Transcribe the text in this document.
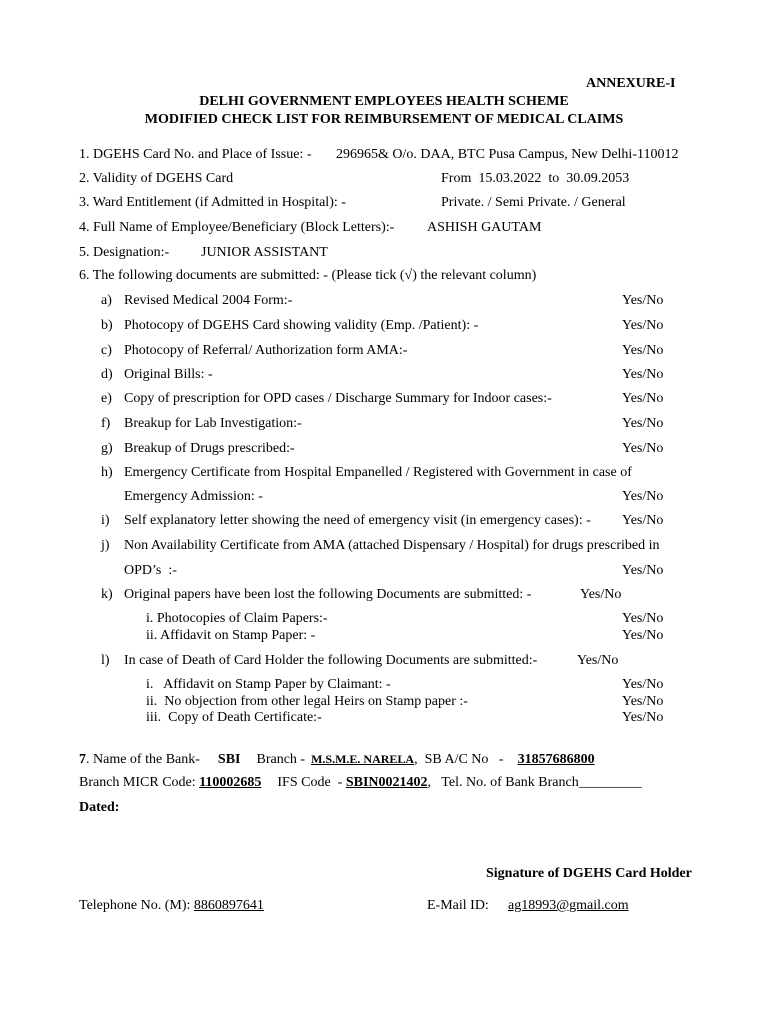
ANNEXURE-I
DELHI GOVERNMENT EMPLOYEES HEALTH SCHEME
MODIFIED CHECK LIST FOR REIMBURSEMENT OF MEDICAL CLAIMS
1. DGEHS Card No. and Place of Issue: - 296965& O/o. DAA, BTC Pusa Campus, New Delhi-110012
2. Validity of DGEHS Card	From  15.03.2022  to  30.09.2053
3. Ward Entitlement (if Admitted in Hospital): -	Private. / Semi Private. / General
4. Full Name of Employee/Beneficiary (Block Letters):- ASHISH GAUTAM
5. Designation:- JUNIOR ASSISTANT
6. The following documents are submitted: - (Please tick (√) the relevant column)
a) Revised Medical 2004 Form:-	Yes/No
b) Photocopy of DGEHS Card showing validity (Emp. /Patient): -	Yes/No
c) Photocopy of Referral/ Authorization form AMA:-	Yes/No
d) Original Bills: -	Yes/No
e) Copy of prescription for OPD cases / Discharge Summary for Indoor cases:-	Yes/No
f) Breakup for Lab Investigation:-	Yes/No
g) Breakup of Drugs prescribed:-	Yes/No
h) Emergency Certificate from Hospital Empanelled / Registered with Government in case of
Emergency Admission: -	Yes/No
i) Self explanatory letter showing the need of emergency visit (in emergency cases): - Yes/No
j) Non Availability Certificate from AMA (attached Dispensary / Hospital) for drugs prescribed in
OPD’s  :-	Yes/No
k) Original papers have been lost the following Documents are submitted: -	Yes/No
i. Photocopies of Claim Papers:-	Yes/No
ii. Affidavit on Stamp Paper: -	Yes/No
l) In case of Death of Card Holder the following Documents are submitted:-	Yes/No
i.   Affidavit on Stamp Paper by Claimant: -	Yes/No
ii.  No objection from other legal Heirs on Stamp paper :-	Yes/No
iii.  Copy of Death Certificate:-	Yes/No
7. Name of the Bank- SBI Branch - M.S.M.E. NARELA,  SB A/C No   - 31857686800
Branch MICR Code: 110002685 IFS Code  - SBIN0021402,   Tel. No. of Bank Branch_________
Dated:
Signature of DGEHS Card Holder
Telephone No. (M): 8860897641	E-Mail ID: ag18993@gmail.com
